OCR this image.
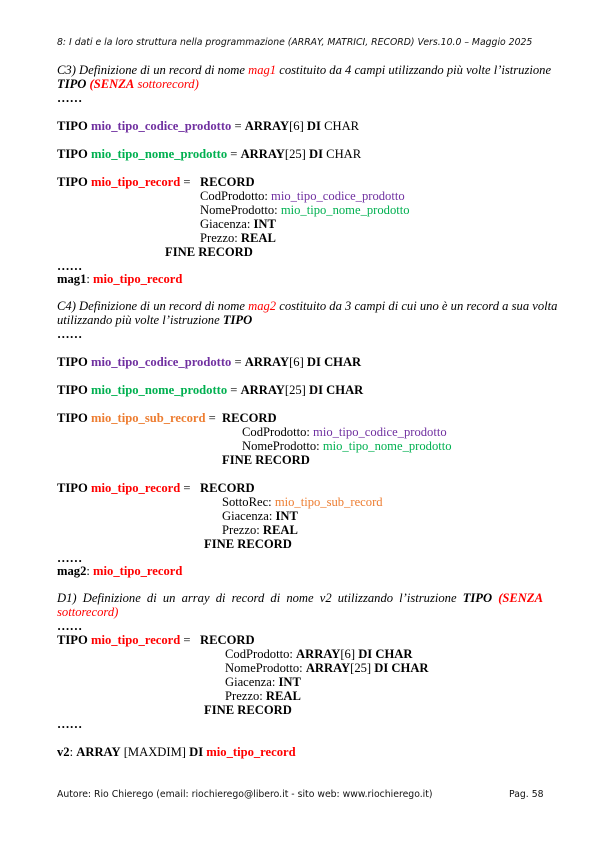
8: I dati e la loro struttura nella programmazione (ARRAY, MATRICI, RECORD) Vers.10.0 – Maggio 2025
C3) Definizione di un record di nome mag1 costituito da 4 campi utilizzando più volte l’istruzione
TIPO (SENZA sottorecord)
……
TIPO mio_tipo_codice_prodotto = ARRAY[6] DI CHAR
TIPO mio_tipo_nome_prodotto = ARRAY[25] DI CHAR
TIPO mio_tipo_record = RECORD
CodProdotto: mio_tipo_codice_prodotto
NomeProdotto: mio_tipo_nome_prodotto
Giacenza: INT
Prezzo: REAL
FINE RECORD
……
mag1: mio_tipo_record
C4) Definizione di un record di nome mag2 costituito da 3 campi di cui uno è un record a sua volta
utilizzando più volte l’istruzione TIPO
……
TIPO mio_tipo_codice_prodotto = ARRAY[6] DI CHAR
TIPO mio_tipo_nome_prodotto = ARRAY[25] DI CHAR
TIPO mio_tipo_sub_record = RECORD
CodProdotto: mio_tipo_codice_prodotto
NomeProdotto: mio_tipo_nome_prodotto
FINE RECORD
TIPO mio_tipo_record = RECORD
SottoRec: mio_tipo_sub_record
Giacenza: INT
Prezzo: REAL
FINE RECORD
……
mag2: mio_tipo_record
D1) Definizione di un array di record di nome v2 utilizzando l’istruzione TIPO (SENZA sottorecord)
……
TIPO mio_tipo_record = RECORD
CodProdotto: ARRAY[6] DI CHAR
NomeProdotto: ARRAY[25] DI CHAR
Giacenza: INT
Prezzo: REAL
FINE RECORD
……
v2: ARRAY [MAXDIM] DI mio_tipo_record
Autore: Rio Chierego (email: riochierego@libero.it - sito web: www.riochierego.it)	Pag. 58
